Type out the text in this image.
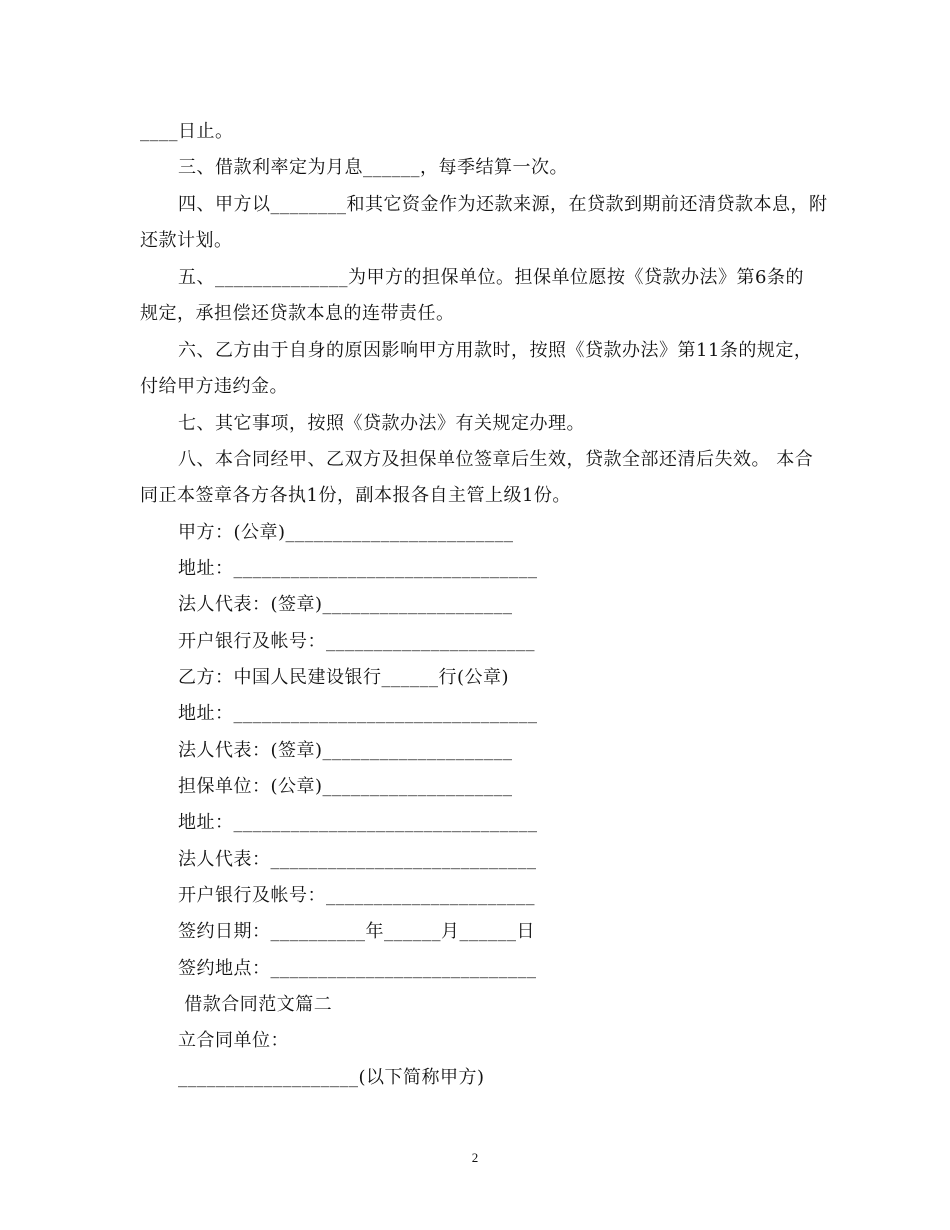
____日止。
三、借款利率定为月息______，每季结算一次。
四、甲方以________和其它资金作为还款来源，在贷款到期前还清贷款本息，附
还款计划。
五、______________为甲方的担保单位。担保单位愿按《贷款办法》第6条的
规定，承担偿还贷款本息的连带责任。
六、乙方由于自身的原因影响甲方用款时，按照《贷款办法》第11条的规定，
付给甲方违约金。
七、其它事项，按照《贷款办法》有关规定办理。
八、本合同经甲、乙双方及担保单位签章后生效，贷款全部还清后失效。 本合
同正本签章各方各执1份，副本报各自主管上级1份。
甲方：(公章)________________________
地址：________________________________
法人代表：(签章)____________________
开户银行及帐号：______________________
乙方：中国人民建设银行______行(公章)
地址：________________________________
法人代表：(签章)____________________
担保单位：(公章)____________________
地址：________________________________
法人代表：____________________________
开户银行及帐号：______________________
签约日期：__________年______月______日
签约地点：____________________________
借款合同范文篇二
立合同单位：
___________________(以下简称甲方)
2
